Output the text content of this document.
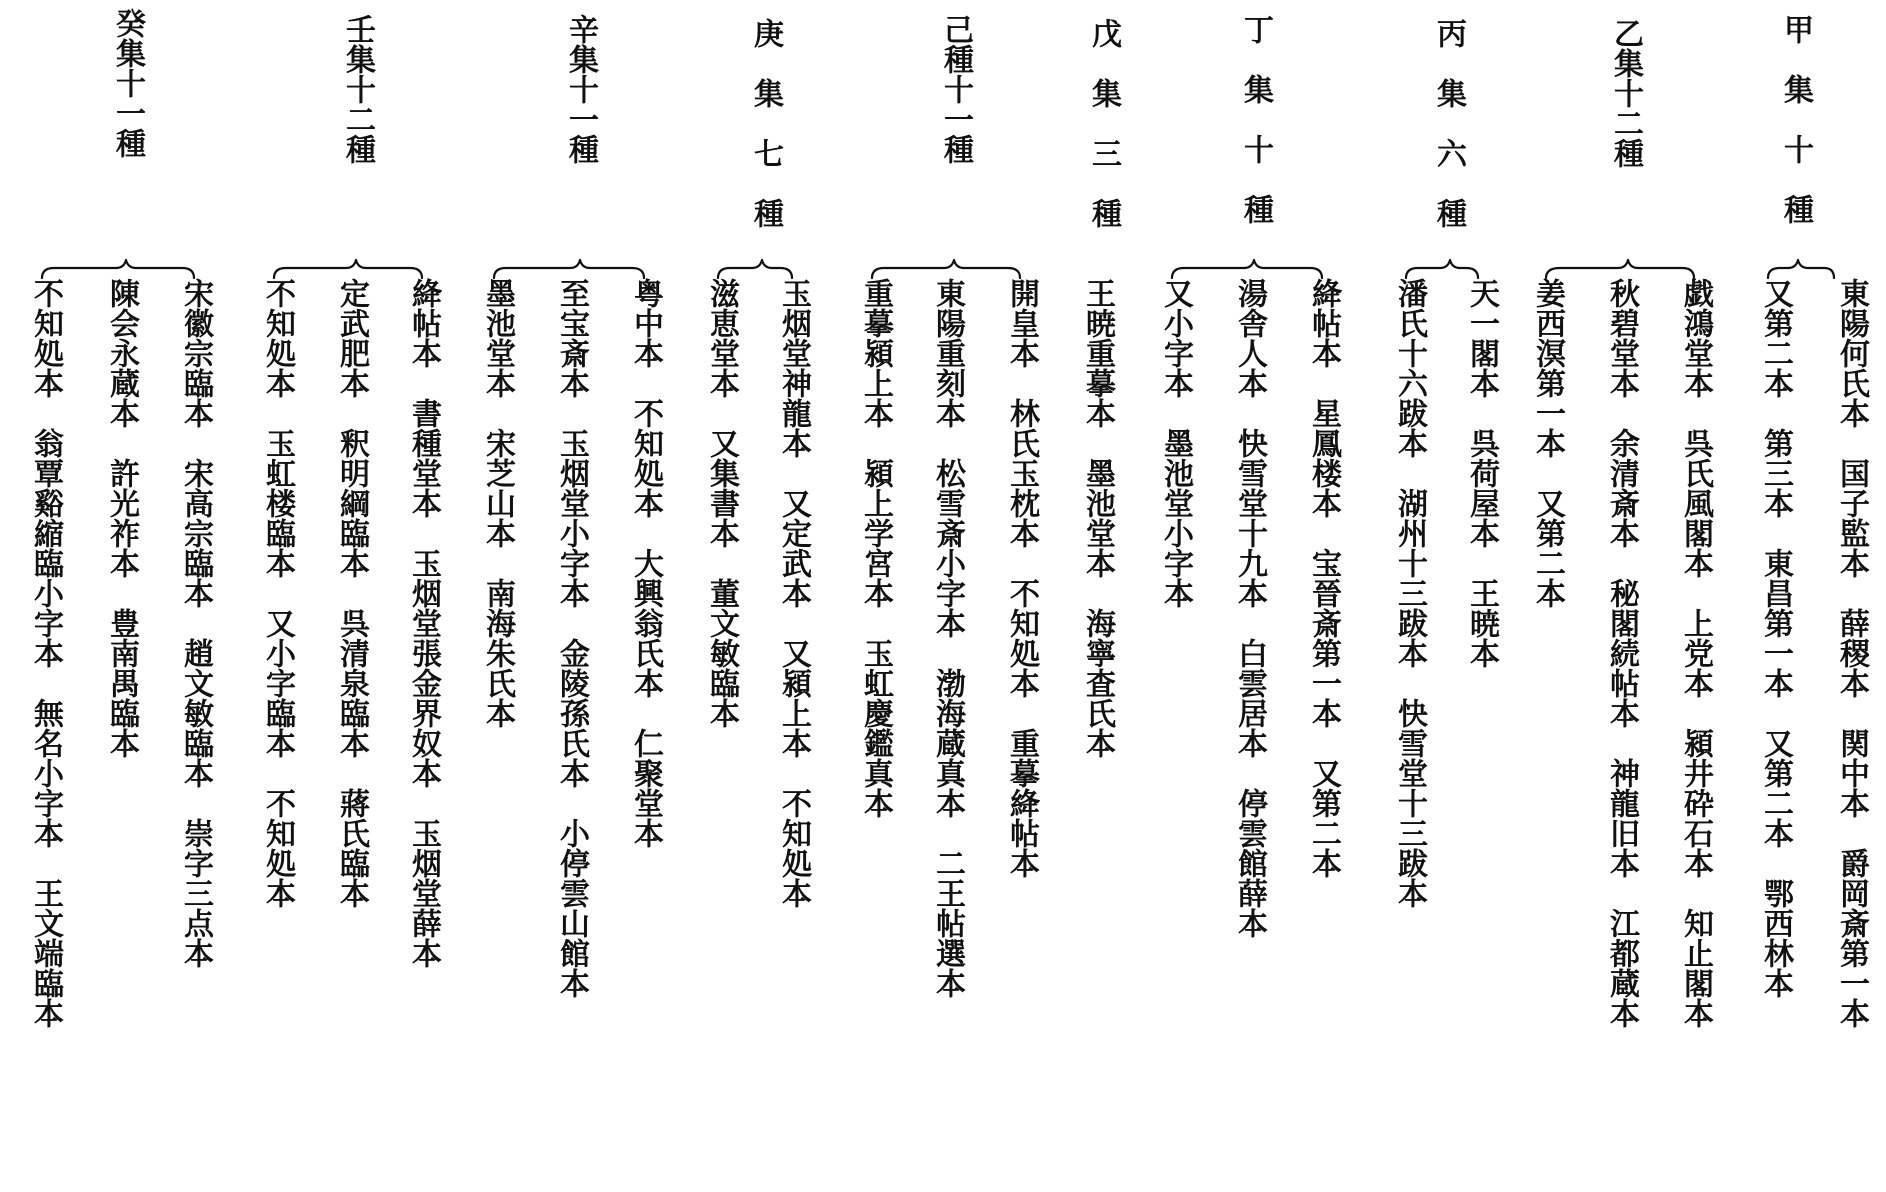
甲　集　十　種
東陽何氏本　国子監本　薛稷本　関中本　爵岡斎第一本
又第二本　第三本　東昌第一本　又第二本　鄂西林本
乙集十二種
戯鴻堂本　呉氏風閣本　上党本　潁井砕石本　知止閣本
秋碧堂本　余清斎本　秘閣続帖本　神龍旧本　江都蔵本
姜西溟第一本　又第二本
丙　集　六　種
天一閣本　呉荷屋本　王暁本
潘氏十六跋本　湖州十三跋本　快雪堂十三跋本
丁　集　十　種
絳帖本　星鳳楼本　宝晉斎第一本　又第二本
湯舎人本　快雪堂十九本　白雲居本　停雲館薛本
又小字本　墨池堂小字本
戊　集　三　種
王暁重摹本　墨池堂本　海寧査氏本
己種十一種
開皇本　林氏玉枕本　不知処本　重摹絳帖本
東陽重刻本　松雪斎小字本　渤海蔵真本　二王帖選本
重摹潁上本　潁上学宮本　玉虹慶鑑真本
庚　集　七　種
玉烟堂神龍本　又定武本　又潁上本　不知処本
滋恵堂本　又集書本　董文敏臨本
辛集十一種
粤中本　不知処本　大興翁氏本　仁聚堂本
至宝斎本　玉烟堂小字本　金陵孫氏本　小停雲山館本
墨池堂本　宋芝山本　南海朱氏本
壬集十二種
絳帖本　書種堂本　玉烟堂張金界奴本　玉烟堂薛本
定武肥本　釈明綱臨本　呉清泉臨本　蔣氏臨本
不知処本　玉虹楼臨本　又小字臨本　不知処本
癸集十一種
宋徽宗臨本　宋高宗臨本　趙文敏臨本　崇字三点本
陳会永蔵本　許光祚本　豊南禺臨本
不知処本　翁覃谿縮臨小字本　無名小字本　王文端臨本
